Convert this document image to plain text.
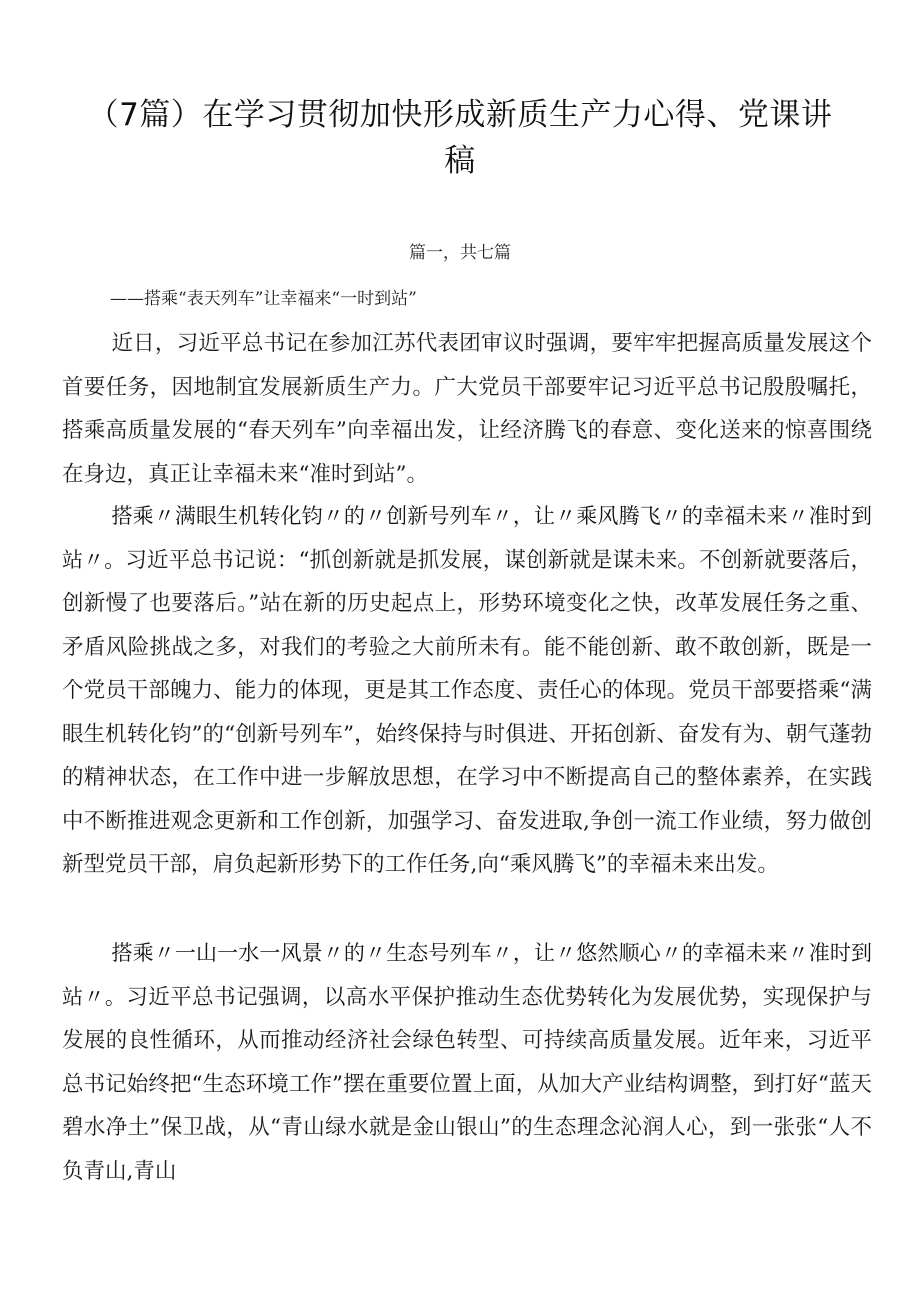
（7篇）在学习贯彻加快形成新质生产力心得、党课讲稿
篇一，共七篇
——搭乘“表天列车”让幸福来“一时到站”

近日，习近平总书记在参加江苏代表团审议时强调，要牢牢把握高质量发展这个首要任务，因地制宜发展新质生产力。广大党员干部要牢记习近平总书记殷殷嘱托，搭乘高质量发展的“春天列车”向幸福出发，让经济腾飞的春意、变化送来的惊喜围绕在身边，真正让幸福未来“准时到站”。

搭乘〃满眼生机转化钧〃的〃创新号列车〃，让〃乘风腾飞〃的幸福未来〃准时到站〃。习近平总书记说：“抓创新就是抓发展，谋创新就是谋未来。不创新就要落后，创新慢了也要落后。”站在新的历史起点上，形势环境变化之快，改革发展任务之重、矛盾风险挑战之多，对我们的考验之大前所未有。能不能创新、敢不敢创新，既是一个党员干部魄力、能力的体现，更是其工作态度、责任心的体现。党员干部要搭乘“满眼生机转化钧”的“创新号列车”，始终保持与时俱进、开拓创新、奋发有为、朝气蓬勃的精神状态，在工作中进一步解放思想，在学习中不断提高自己的整体素养，在实践中不断推进观念更新和工作创新，加强学习、奋发进取,争创一流工作业绩，努力做创新型党员干部，肩负起新形势下的工作任务,向“乘风腾飞”的幸福未来出发。

搭乘〃一山一水一风景〃的〃生态号列车〃，让〃悠然顺心〃的幸福未来〃准时到站〃。习近平总书记强调，以高水平保护推动生态优势转化为发展优势，实现保护与发展的良性循环，从而推动经济社会绿色转型、可持续高质量发展。近年来，习近平总书记始终把“生态环境工作”摆在重要位置上面，从加大产业结构调整，到打好“蓝天碧水净土”保卫战，从“青山绿水就是金山银山”的生态理念沁润人心，到一张张“人不负青山,青山
